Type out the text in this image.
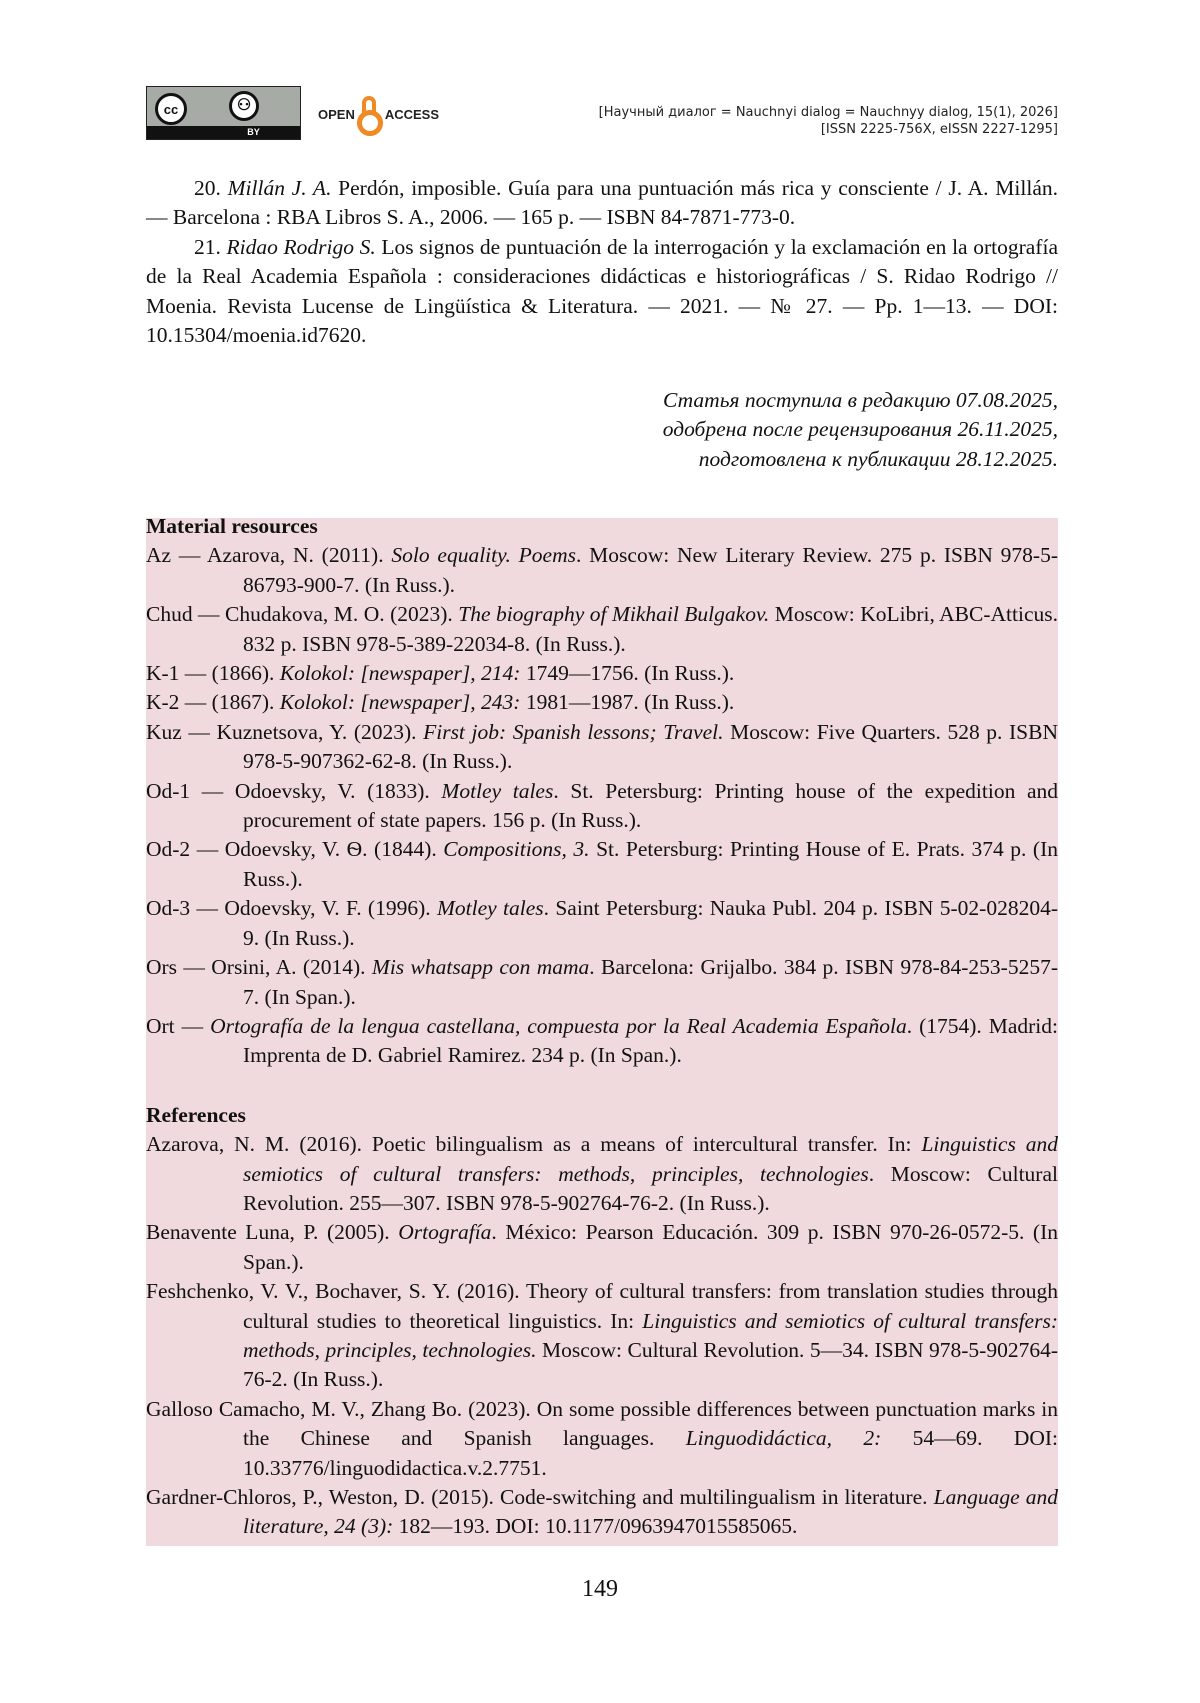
cc	⚇
BY
OPEN ACCESS	[Научный диалог = Nauchnyi dialog = Nauchnyy dialog, 15(1), 2026]
[ISSN 2225-756X, eISSN 2227-1295]

20. Millán J. A. Perdón, imposible. Guía para una puntuación más rica y consciente / J. A. Millán. — Barcelona : RBA Libros S. A., 2006. — 165 p. — ISBN 84-7871-773-0.

21. Ridao Rodrigo S. Los signos de puntuación de la interrogación y la exclamación en la ortografía de la Real Academia Española : consideraciones didácticas e historiográficas / S. Ridao Rodrigo // Moenia. Revista Lucense de Lingüística & Literatura. — 2021. — № 27. — Pp. 1—13. — DOI: 10.15304/moenia.id7620.

Статья поступила в редакцию 07.08.2025,
одобрена после рецензирования 26.11.2025,
подготовлена к публикации 28.12.2025.

Material resources

Az — Azarova, N. (2011). Solo equality. Poems. Moscow: New Literary Review. 275 p. ISBN 978-5-86793-900-7. (In Russ.).

Chud — Chudakova, M. O. (2023). The biography of Mikhail Bulgakov. Moscow: KoLibri, ABC-Atticus. 832 p. ISBN 978-5-389-22034-8. (In Russ.).

K-1 — (1866). Kolokol: [newspaper], 214: 1749—1756. (In Russ.).

K-2 — (1867). Kolokol: [newspaper], 243: 1981—1987. (In Russ.).

Kuz — Kuznetsova, Y. (2023). First job: Spanish lessons; Travel. Moscow: Five Quarters. 528 p. ISBN 978-5-907362-62-8. (In Russ.).

Od-1 — Odoevsky, V. (1833). Motley tales. St. Petersburg: Printing house of the expedition and procurement of state papers. 156 p. (In Russ.).

Od-2 — Odoevsky, V. Ѳ. (1844). Compositions, 3. St. Petersburg: Printing House of E. Prats. 374 p. (In Russ.).

Od-3 — Odoevsky, V. F. (1996). Motley tales. Saint Petersburg: Nauka Publ. 204 p. ISBN 5-02-028204-9. (In Russ.).

Ors — Orsini, A. (2014). Mis whatsapp con mama. Barcelona: Grijalbo. 384 p. ISBN 978-84-253-5257-7. (In Span.).

Ort — Ortografía de la lengua castellana, compuesta por la Real Academia Española. (1754). Madrid: Imprenta de D. Gabriel Ramirez. 234 p. (In Span.).

References

Azarova, N. M. (2016). Poetic bilingualism as a means of intercultural transfer. In: Linguistics and semiotics of cultural transfers: methods, principles, technologies. Moscow: Cultural Revolution. 255—307. ISBN 978-5-902764-76-2. (In Russ.).

Benavente Luna, P. (2005). Ortografía. México: Pearson Educación. 309 p. ISBN 970-26-0572-5. (In Span.).

Feshchenko, V. V., Bochaver, S. Y. (2016). Theory of cultural transfers: from translation studies through cultural studies to theoretical linguistics. In: Linguistics and semiotics of cultural transfers: methods, principles, technologies. Moscow: Cultural Revolution. 5—34. ISBN 978-5-902764-76-2. (In Russ.).

Galloso Camacho, M. V., Zhang Bo. (2023). On some possible differences between punctuation marks in the Chinese and Spanish languages. Linguodidáctica, 2: 54—69. DOI: 10.33776/linguodidactica.v.2.7751.

Gardner-Chloros, P., Weston, D. (2015). Code-switching and multilingualism in literature. Language and literature, 24 (3): 182—193. DOI: 10.1177/0963947015585065.

149
